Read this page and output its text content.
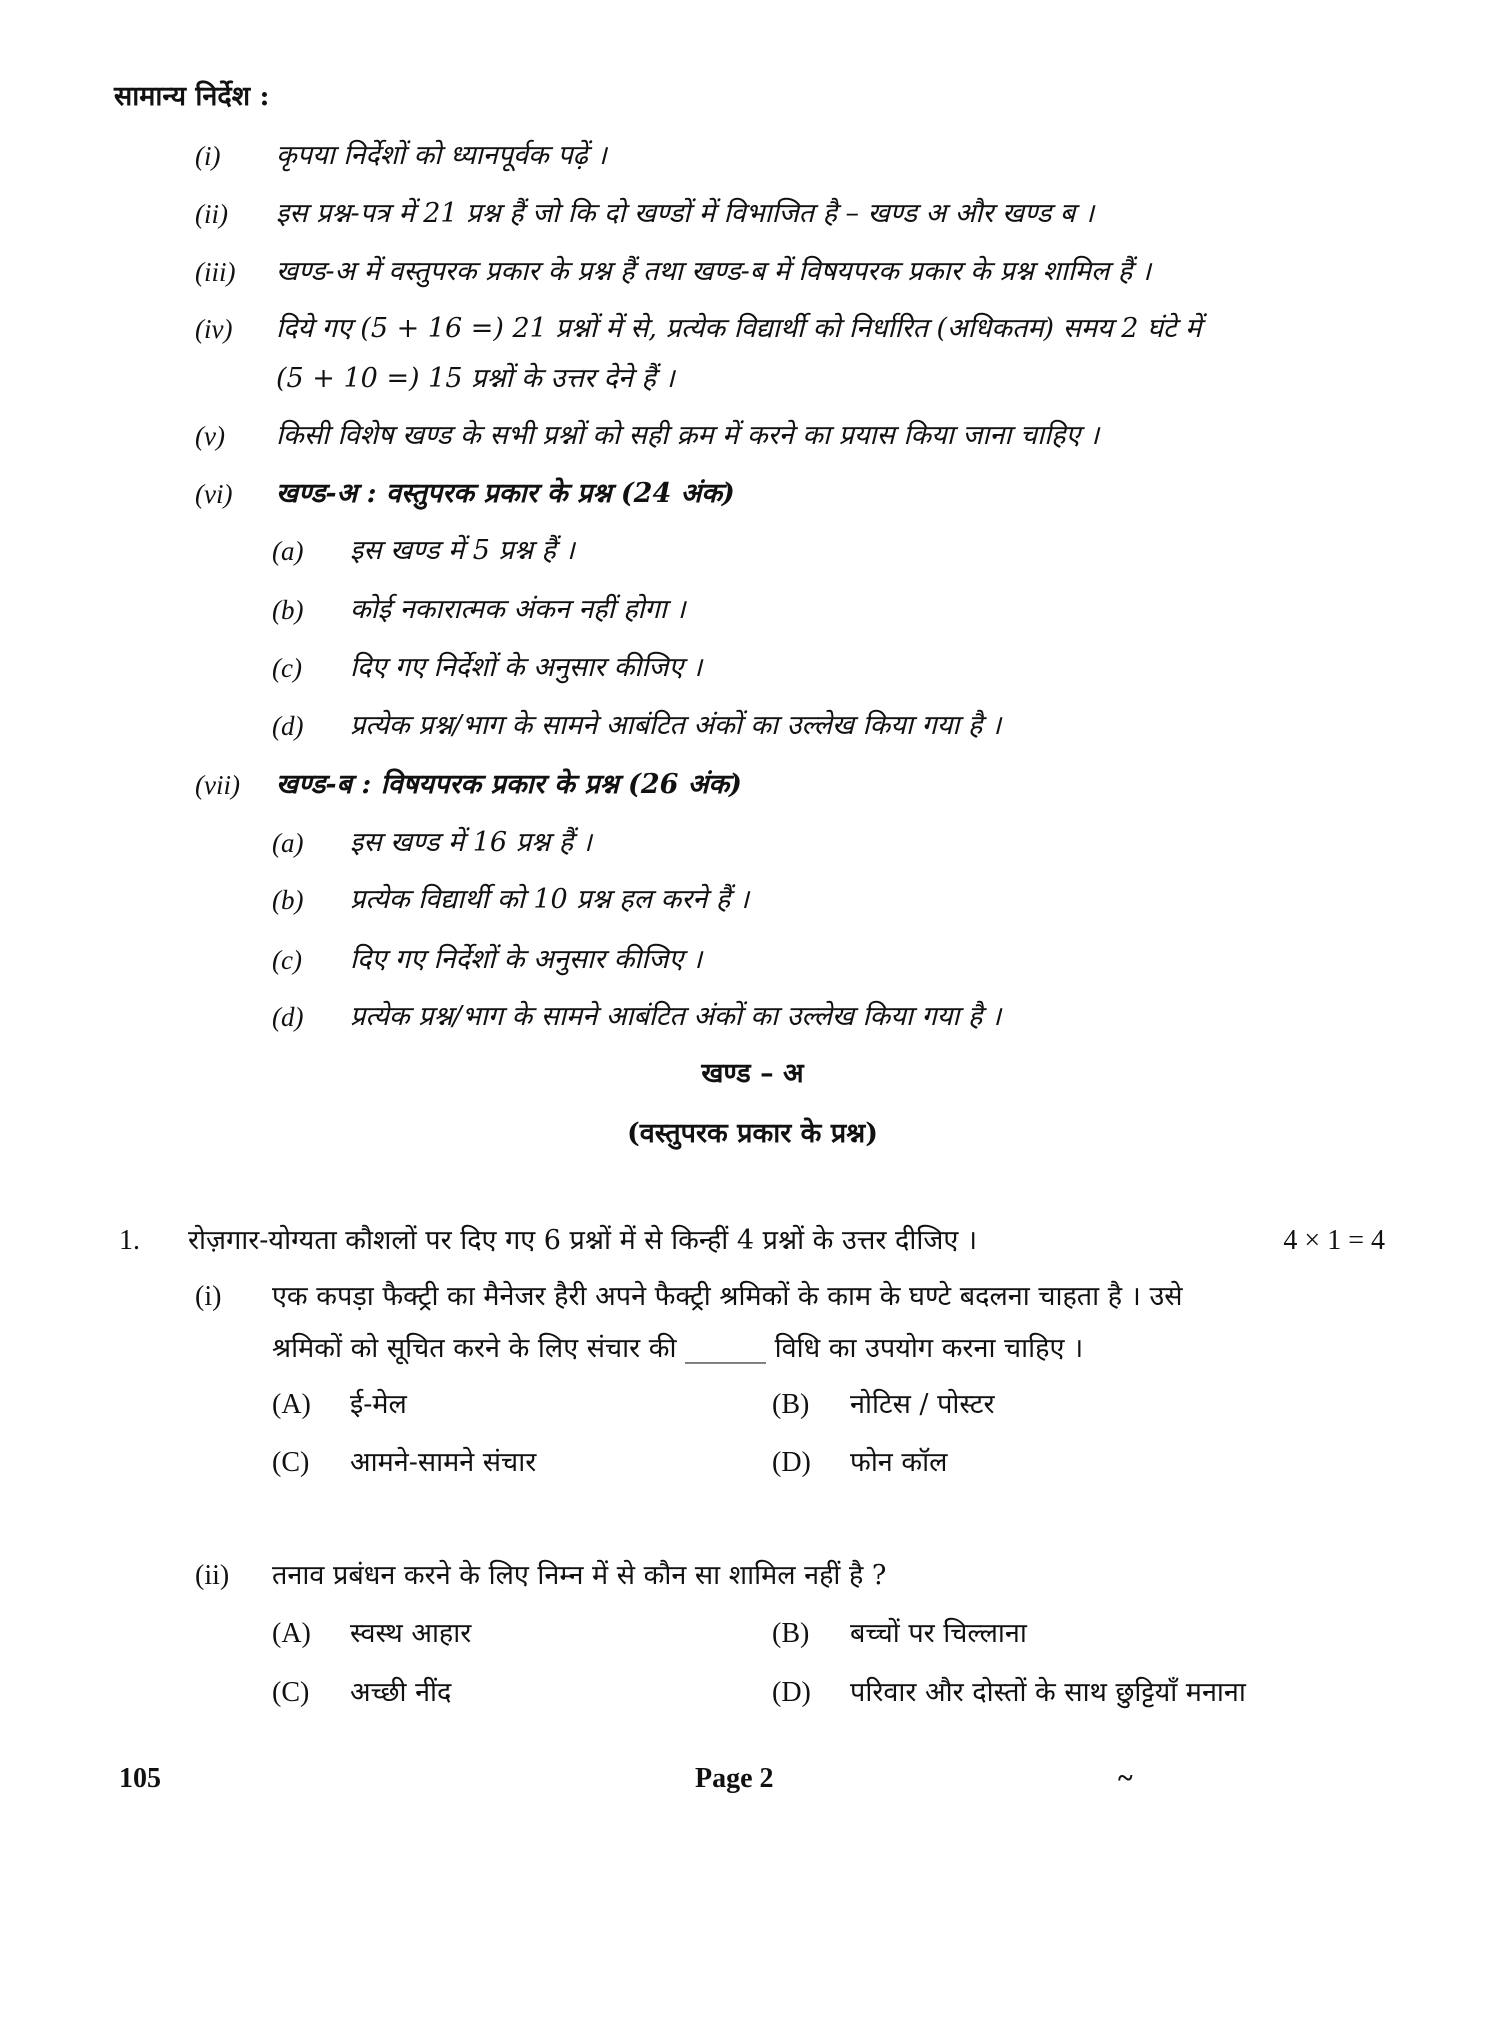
सामान्य निर्देश :
(i) कृपया निर्देशों को ध्यानपूर्वक पढ़ें ।
(ii) इस प्रश्न-पत्र में 21 प्रश्न हैं जो कि दो खण्डों में विभाजित है – खण्ड अ और खण्ड ब ।
(iii) खण्ड-अ में वस्तुपरक प्रकार के प्रश्न हैं तथा खण्ड-ब में विषयपरक प्रकार के प्रश्न शामिल हैं ।
(iv) दिये गए (5 + 16 =) 21 प्रश्नों में से, प्रत्येक विद्यार्थी को निर्धारित (अधिकतम) समय 2 घंटे में
(5 + 10 =) 15 प्रश्नों के उत्तर देने हैं ।
(v) किसी विशेष खण्ड के सभी प्रश्नों को सही क्रम में करने का प्रयास किया जाना चाहिए ।
(vi) खण्ड-अ : वस्तुपरक प्रकार के प्रश्न (24 अंक)
(a) इस खण्ड में 5 प्रश्न हैं ।
(b) कोई नकारात्मक अंकन नहीं होगा ।
(c) दिए गए निर्देशों के अनुसार कीजिए ।
(d) प्रत्येक प्रश्न/भाग के सामने आबंटित अंकों का उल्लेख किया गया है ।
(vii) खण्ड-ब : विषयपरक प्रकार के प्रश्न (26 अंक)
(a) इस खण्ड में 16 प्रश्न हैं ।
(b) प्रत्येक विद्यार्थी को 10 प्रश्न हल करने हैं ।
(c) दिए गए निर्देशों के अनुसार कीजिए ।
(d) प्रत्येक प्रश्न/भाग के सामने आबंटित अंकों का उल्लेख किया गया है ।
खण्ड – अ
(वस्तुपरक प्रकार के प्रश्न)
1. रोज़गार-योग्यता कौशलों पर दिए गए 6 प्रश्नों में से किन्हीं 4 प्रश्नों के उत्तर दीजिए ।	4 × 1 = 4
(i) एक कपड़ा फैक्ट्री का मैनेजर हैरी अपने फैक्ट्री श्रमिकों के काम के घण्टे बदलना चाहता है । उसे
श्रमिकों को सूचित करने के लिए संचार की ______ विधि का उपयोग करना चाहिए ।
(A) ई-मेल	(B) नोटिस / पोस्टर
(C) आमने-सामने संचार	(D) फोन कॉल
(ii) तनाव प्रबंधन करने के लिए निम्न में से कौन सा शामिल नहीं है ?
(A) स्वस्थ आहार	(B) बच्चों पर चिल्लाना
(C) अच्छी नींद	(D) परिवार और दोस्तों के साथ छुट्टियाँ मनाना
105	Page 2	~
